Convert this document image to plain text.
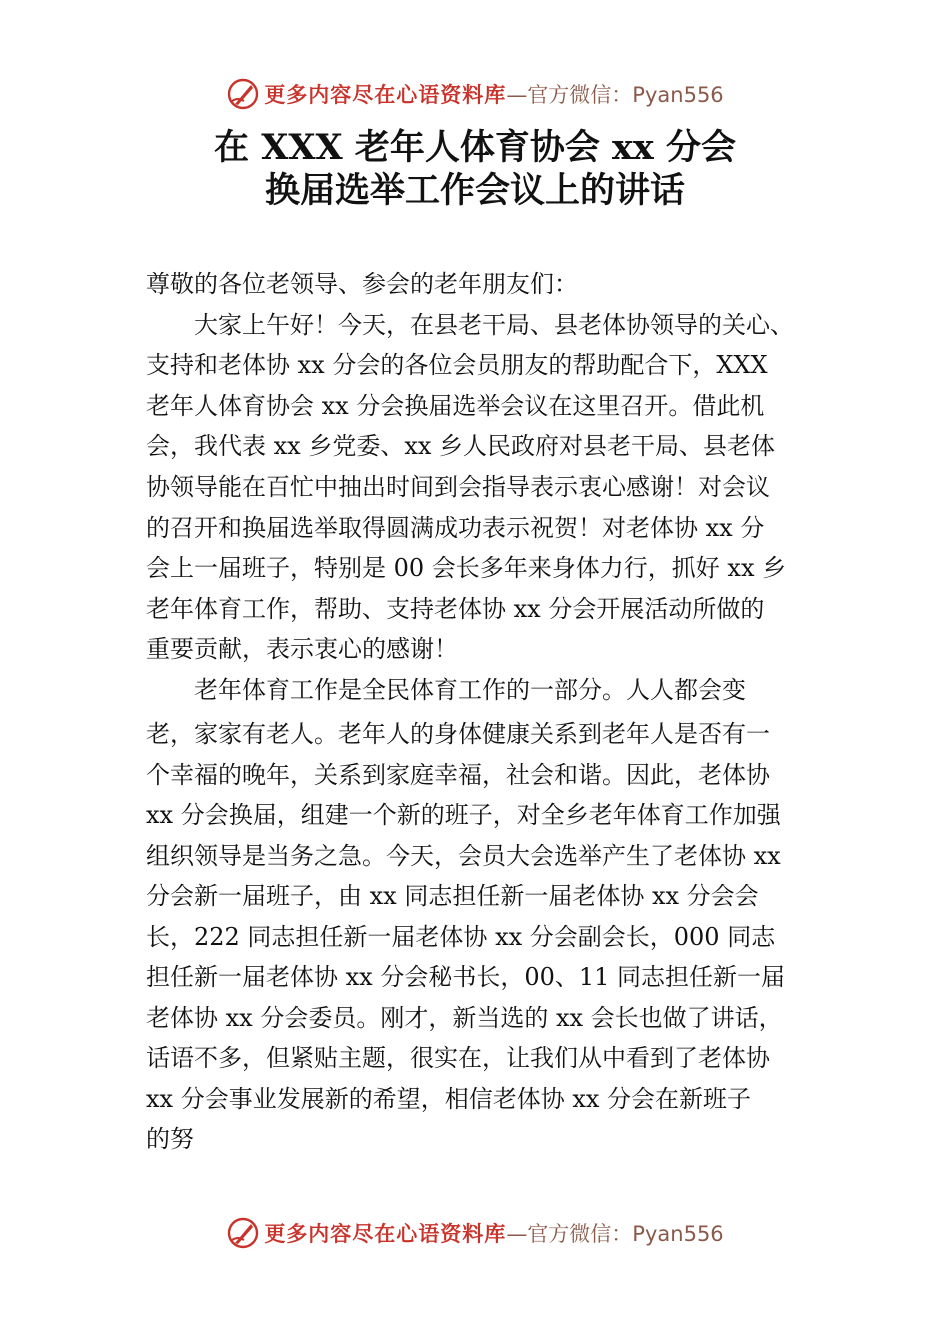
更多内容尽在心语资料库 —官方微信：Pyan556
在 XXX 老年人体育协会 xx 分会
换届选举工作会议上的讲话
尊敬的各位老领导、参会的老年朋友们：
　　大家上午好！今天，在县老干局、县老体协领导的关心、
支持和老体协 xx 分会的各位会员朋友的帮助配合下，XXX
老年人体育协会 xx 分会换届选举会议在这里召开。借此机
会，我代表 xx 乡党委、xx 乡人民政府对县老干局、县老体
协领导能在百忙中抽出时间到会指导表示衷心感谢！对会议
的召开和换届选举取得圆满成功表示祝贺！对老体协 xx 分
会上一届班子，特别是 00 会长多年来身体力行，抓好 xx 乡
老年体育工作，帮助、支持老体协 xx 分会开展活动所做的
重要贡献，表示衷心的感谢！
　　老年体育工作是全民体育工作的一部分。人人都会变
老，家家有老人。老年人的身体健康关系到老年人是否有一
个幸福的晚年，关系到家庭幸福，社会和谐。因此，老体协
xx 分会换届，组建一个新的班子，对全乡老年体育工作加强
组织领导是当务之急。今天，会员大会选举产生了老体协 xx
分会新一届班子，由 xx 同志担任新一届老体协 xx 分会会
长，222 同志担任新一届老体协 xx 分会副会长，000 同志
担任新一届老体协 xx 分会秘书长，00、11 同志担任新一届
老体协 xx 分会委员。刚才，新当选的 xx 会长也做了讲话，
话语不多，但紧贴主题，很实在，让我们从中看到了老体协
xx 分会事业发展新的希望，相信老体协 xx 分会在新班子
的努
更多内容尽在心语资料库 —官方微信：Pyan556
